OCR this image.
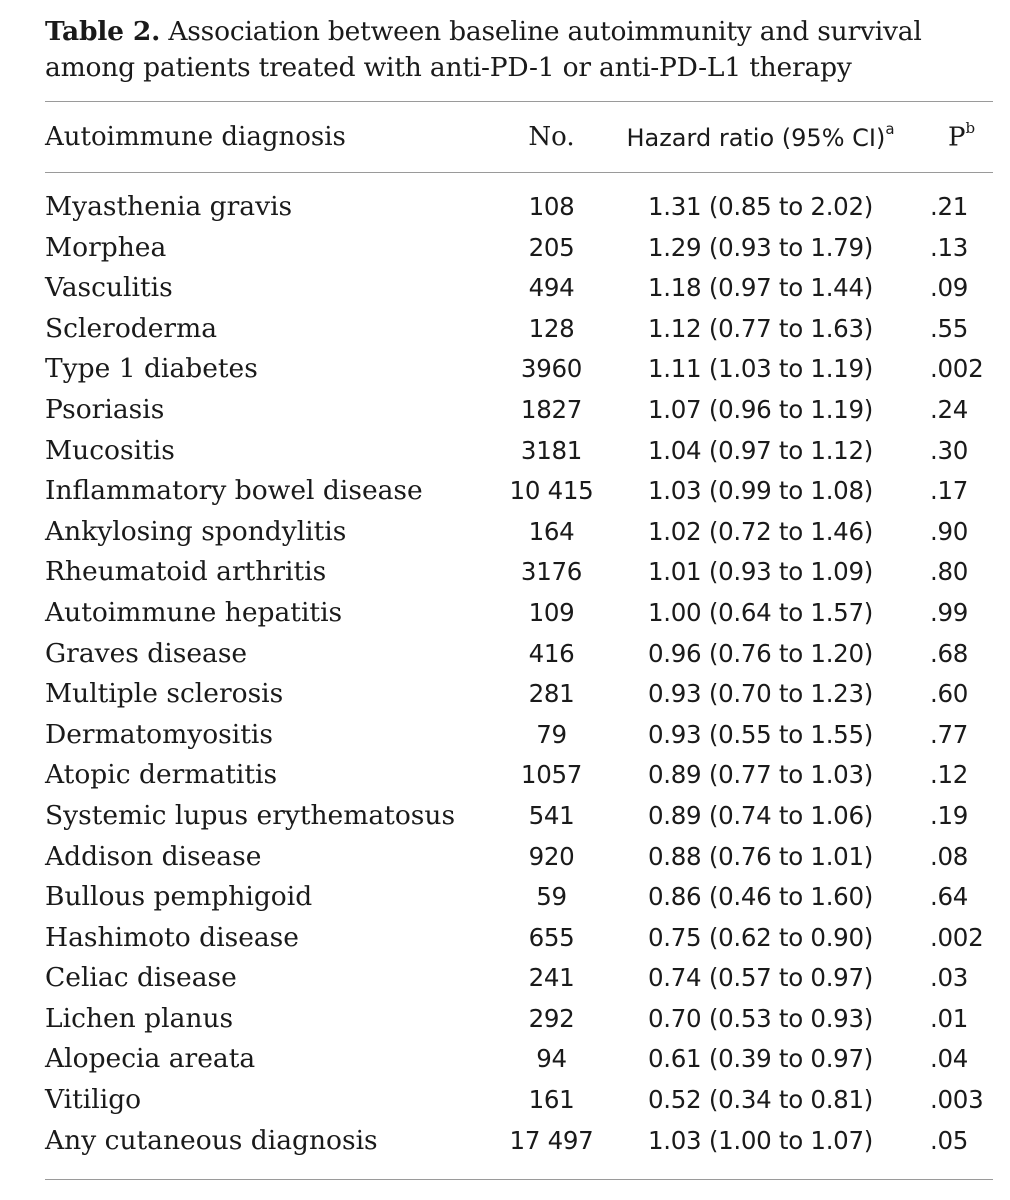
Table 2. Association between baseline autoimmunity and survival among patients treated with anti-PD-1 or anti-PD-L1 therapy

Autoimmune diagnosis	No.	Hazard ratio (95% CI)$^a$	$P^b$

Myasthenia gravis	108	1.31 (0.85 to 2.02)	.21
Morphea	205	1.29 (0.93 to 1.79)	.13
Vasculitis	494	1.18 (0.97 to 1.44)	.09
Scleroderma	128	1.12 (0.77 to 1.63)	.55
Type 1 diabetes	3960	1.11 (1.03 to 1.19)	.002
Psoriasis	1827	1.07 (0.96 to 1.19)	.24
Mucositis	3181	1.04 (0.97 to 1.12)	.30
Inflammatory bowel disease	10 415	1.03 (0.99 to 1.08)	.17
Ankylosing spondylitis	164	1.02 (0.72 to 1.46)	.90
Rheumatoid arthritis	3176	1.01 (0.93 to 1.09)	.80
Autoimmune hepatitis	109	1.00 (0.64 to 1.57)	.99
Graves disease	416	0.96 (0.76 to 1.20)	.68
Multiple sclerosis	281	0.93 (0.70 to 1.23)	.60
Dermatomyositis	79	0.93 (0.55 to 1.55)	.77
Atopic dermatitis	1057	0.89 (0.77 to 1.03)	.12
Systemic lupus erythematosus	541	0.89 (0.74 to 1.06)	.19
Addison disease	920	0.88 (0.76 to 1.01)	.08
Bullous pemphigoid	59	0.86 (0.46 to 1.60)	.64
Hashimoto disease	655	0.75 (0.62 to 0.90)	.002
Celiac disease	241	0.74 (0.57 to 0.97)	.03
Lichen planus	292	0.70 (0.53 to 0.93)	.01
Alopecia areata	94	0.61 (0.39 to 0.97)	.04
Vitiligo	161	0.52 (0.34 to 0.81)	.003
Any cutaneous diagnosis	17 497	1.03 (1.00 to 1.07)	.05
